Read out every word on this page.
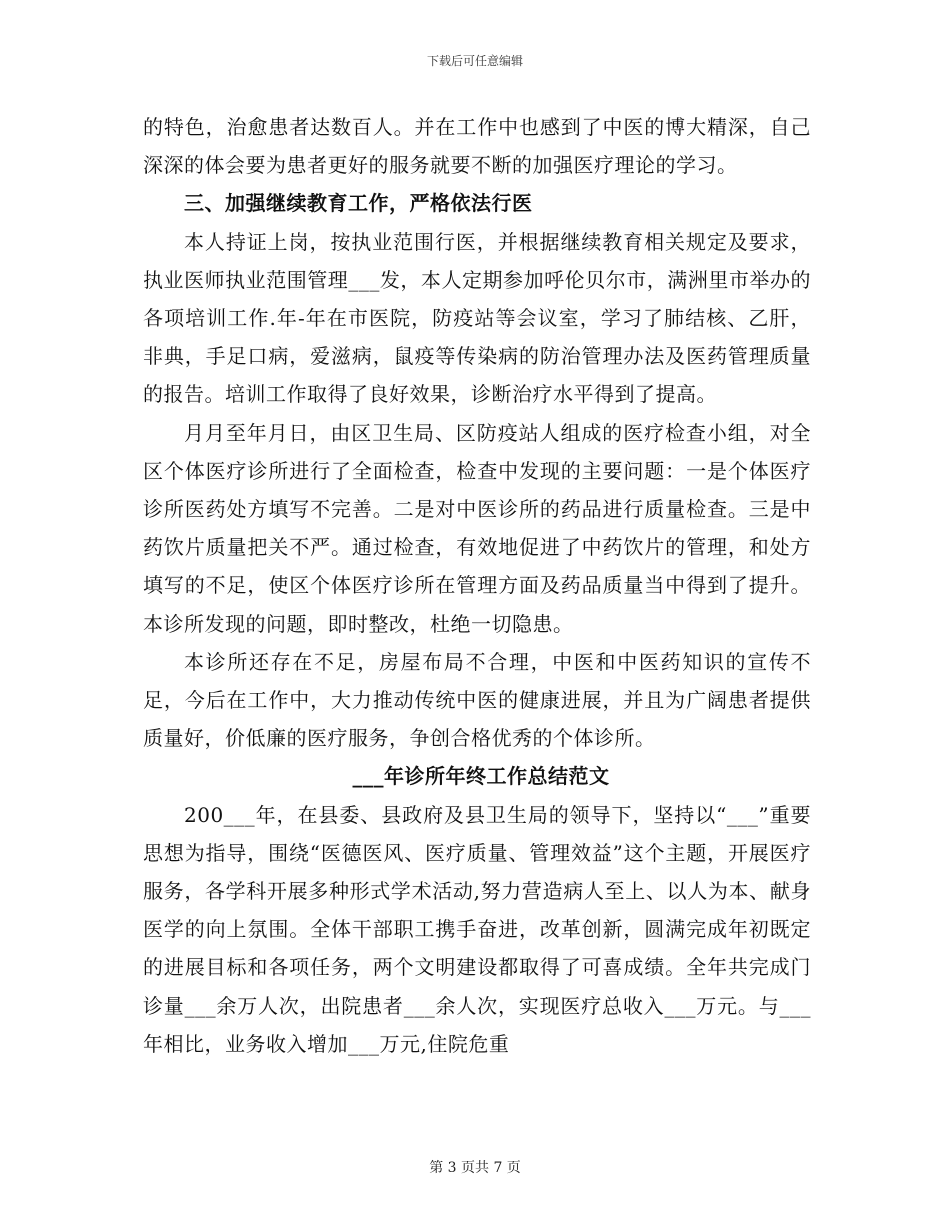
下载后可任意编辑

的特色，治愈患者达数百人。并在工作中也感到了中医的博大精深，自己深深的体会要为患者更好的服务就要不断的加强医疗理论的学习。

三、加强继续教育工作，严格依法行医

本人持证上岗，按执业范围行医，并根据继续教育相关规定及要求，执业医师执业范围管理___发，本人定期参加呼伦贝尔市，满洲里市举办的各项培训工作.年-年在市医院，防疫站等会议室，学习了肺结核、乙肝，非典，手足口病，爱滋病，鼠疫等传染病的防治管理办法及医药管理质量的报告。培训工作取得了良好效果，诊断治疗水平得到了提高。

月月至年月日，由区卫生局、区防疫站人组成的医疗检查小组，对全区个体医疗诊所进行了全面检查，检查中发现的主要问题：一是个体医疗诊所医药处方填写不完善。二是对中医诊所的药品进行质量检查。三是中药饮片质量把关不严。通过检查，有效地促进了中药饮片的管理，和处方填写的不足，使区个体医疗诊所在管理方面及药品质量当中得到了提升。本诊所发现的问题，即时整改，杜绝一切隐患。

本诊所还存在不足，房屋布局不合理，中医和中医药知识的宣传不足，今后在工作中，大力推动传统中医的健康进展，并且为广阔患者提供质量好，价低廉的医疗服务，争创合格优秀的个体诊所。

___年诊所年终工作总结范文

200___年，在县委、县政府及县卫生局的领导下，坚持以“___”重要思想为指导，围绕“医德医风、医疗质量、管理效益”这个主题，开展医疗服务，各学科开展多种形式学术活动,努力营造病人至上、以人为本、献身医学的向上氛围。全体干部职工携手奋进，改革创新，圆满完成年初既定的进展目标和各项任务，两个文明建设都取得了可喜成绩。全年共完成门诊量___余万人次，出院患者___余人次，实现医疗总收入___万元。与___年相比，业务收入增加___万元,住院危重

第 3 页共 7 页
